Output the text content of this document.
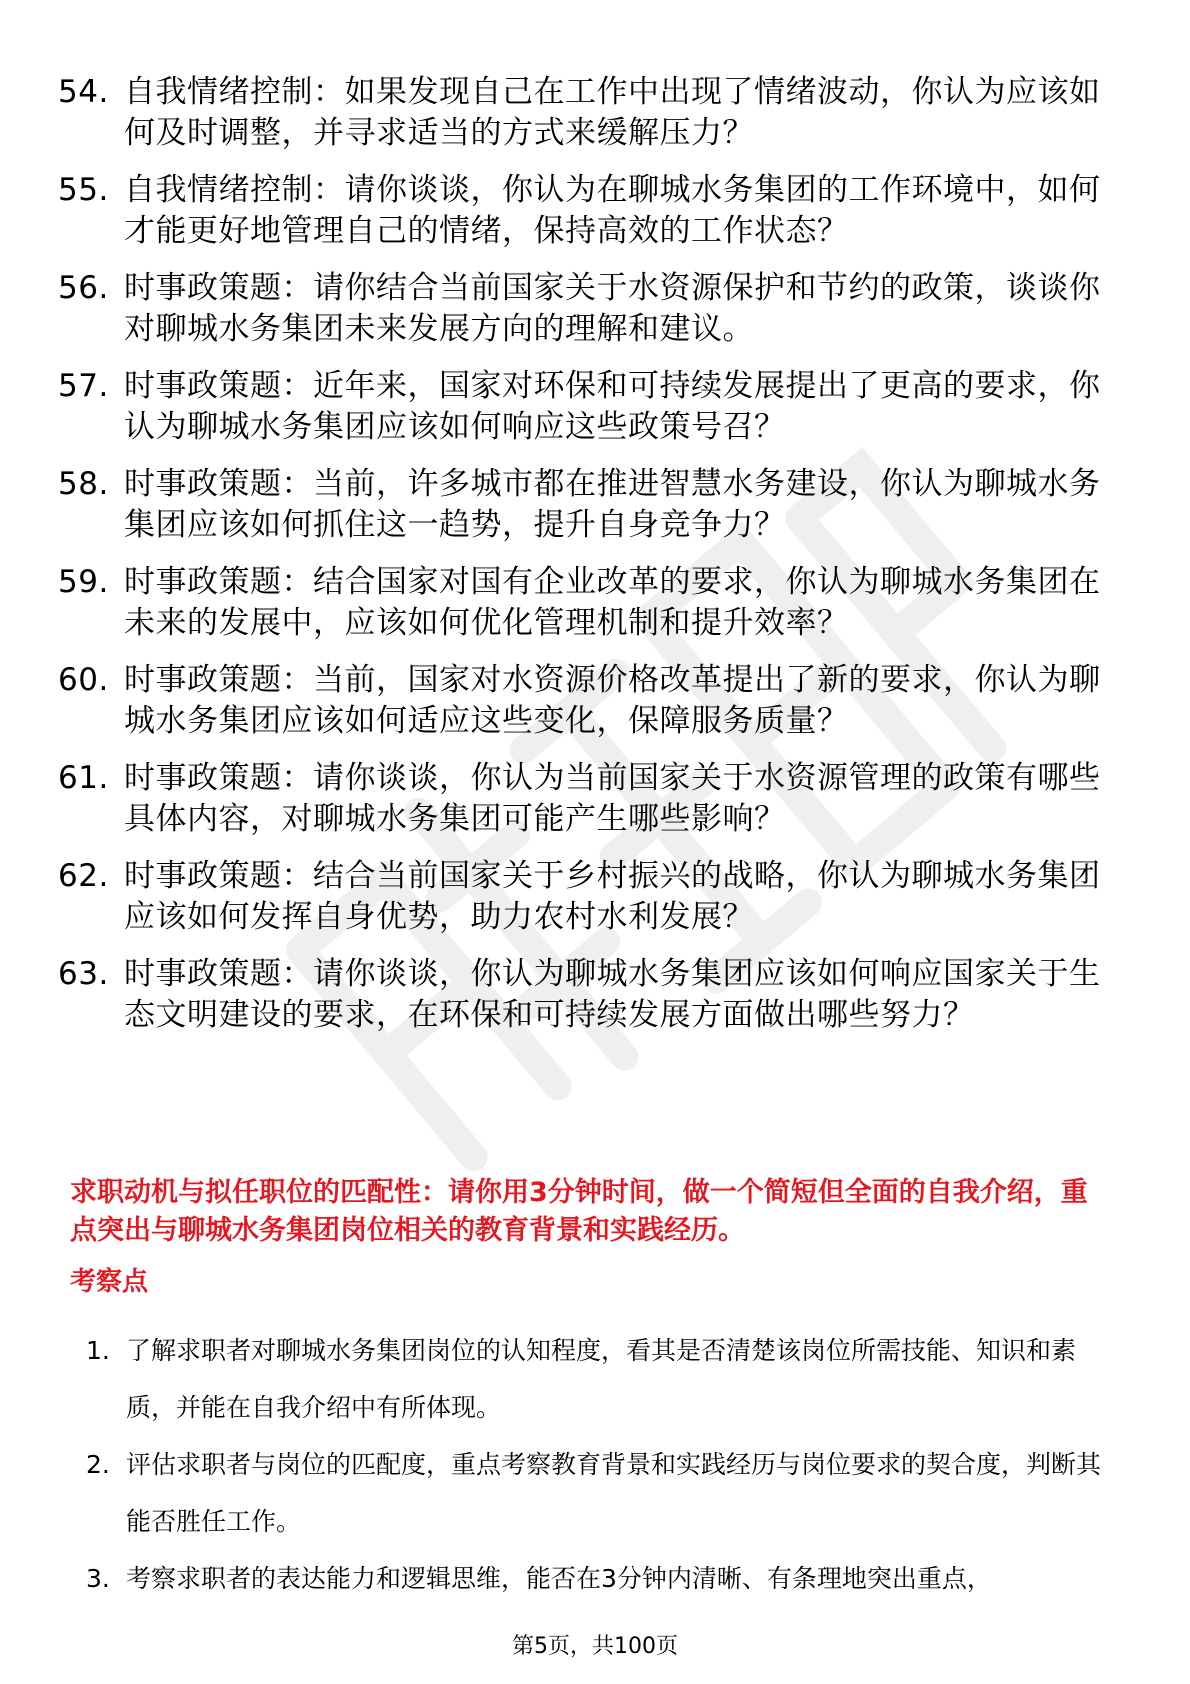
54. 自我情绪控制：如果发现自己在工作中出现了情绪波动，你认为应该如何及时调整，并寻求适当的方式来缓解压力？
55. 自我情绪控制：请你谈谈，你认为在聊城水务集团的工作环境中，如何才能更好地管理自己的情绪，保持高效的工作状态？
56. 时事政策题：请你结合当前国家关于水资源保护和节约的政策，谈谈你对聊城水务集团未来发展方向的理解和建议。
57. 时事政策题：近年来，国家对环保和可持续发展提出了更高的要求，你认为聊城水务集团应该如何响应这些政策号召？
58. 时事政策题：当前，许多城市都在推进智慧水务建设，你认为聊城水务集团应该如何抓住这一趋势，提升自身竞争力？
59. 时事政策题：结合国家对国有企业改革的要求，你认为聊城水务集团在未来的发展中，应该如何优化管理机制和提升效率？
60. 时事政策题：当前，国家对水资源价格改革提出了新的要求，你认为聊城水务集团应该如何适应这些变化，保障服务质量？
61. 时事政策题：请你谈谈，你认为当前国家关于水资源管理的政策有哪些具体内容，对聊城水务集团可能产生哪些影响？
62. 时事政策题：结合当前国家关于乡村振兴的战略，你认为聊城水务集团应该如何发挥自身优势，助力农村水利发展？
63. 时事政策题：请你谈谈，你认为聊城水务集团应该如何响应国家关于生态文明建设的要求，在环保和可持续发展方面做出哪些努力？

求职动机与拟任职位的匹配性：请你用3分钟时间，做一个简短但全面的自我介绍，重点突出与聊城水务集团岗位相关的教育背景和实践经历。

考察点

1. 了解求职者对聊城水务集团岗位的认知程度，看其是否清楚该岗位所需技能、知识和素质，并能在自我介绍中有所体现。
2. 评估求职者与岗位的匹配度，重点考察教育背景和实践经历与岗位要求的契合度，判断其能否胜任工作。
3. 考察求职者的表达能力和逻辑思维，能否在3分钟内清晰、有条理地突出重点，
第5页，共100页
